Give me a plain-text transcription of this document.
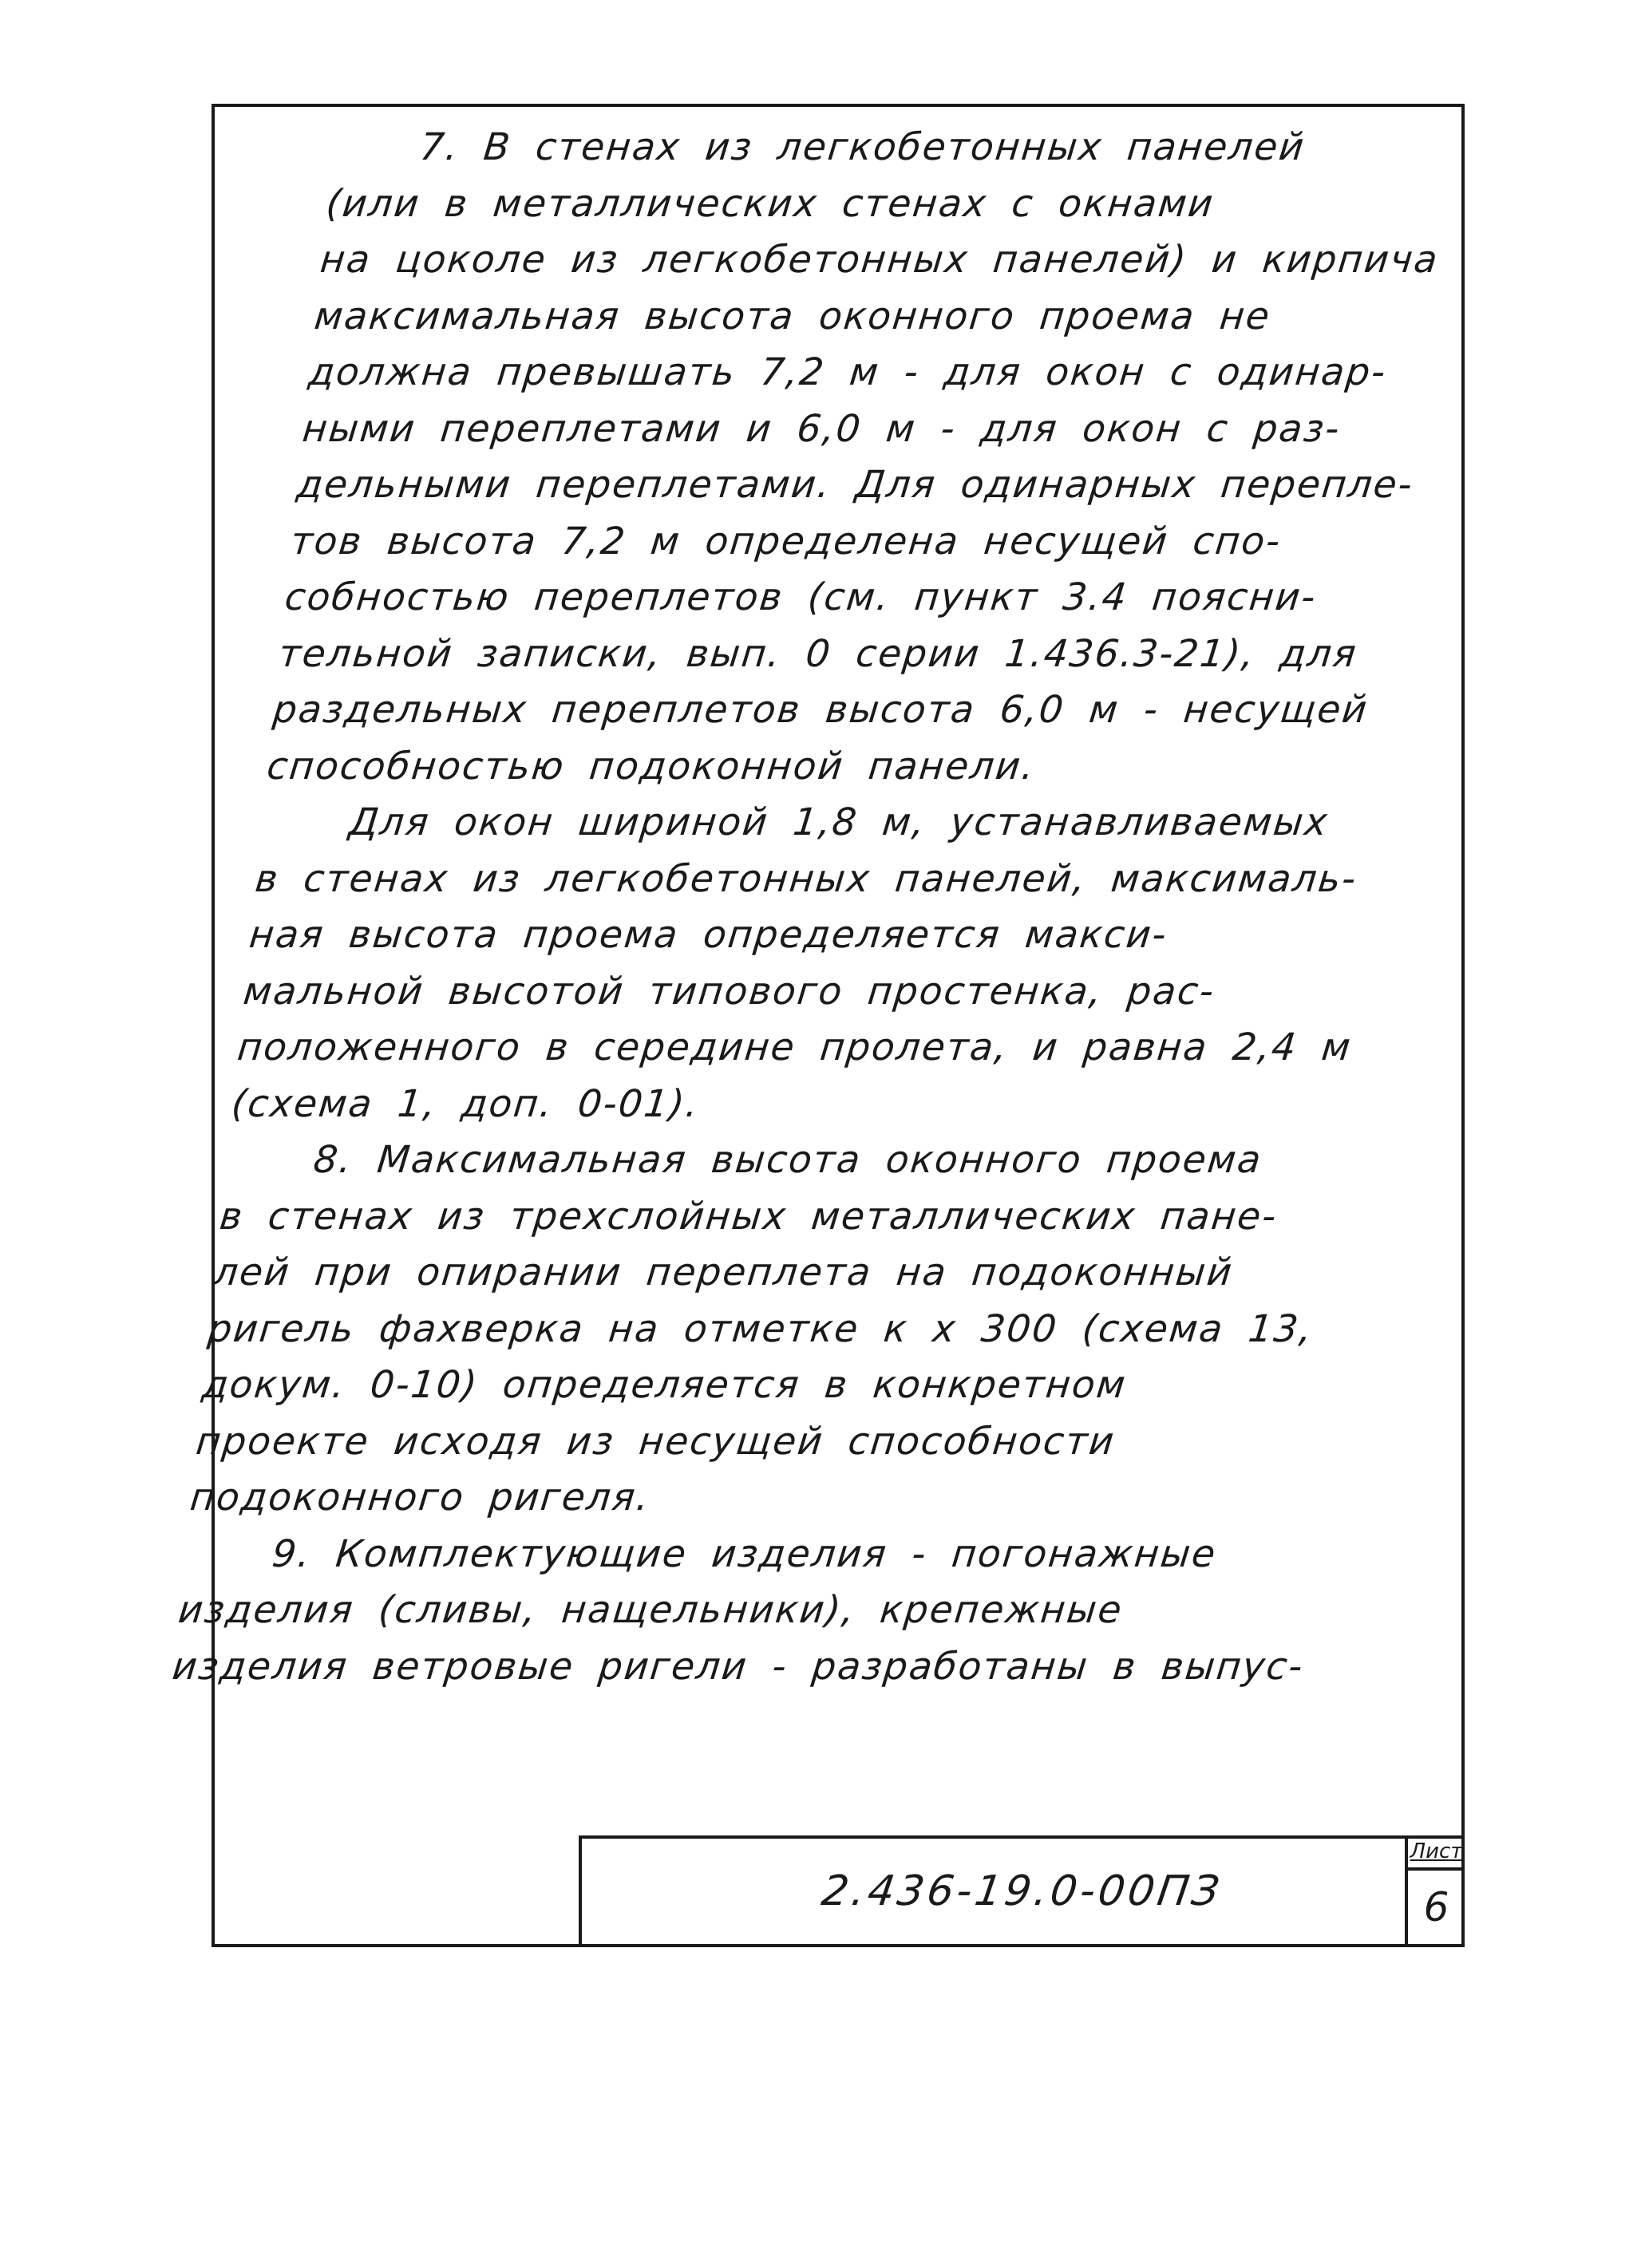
7. В стенах из легкобетонных панелей
(или в металлических стенах с окнами
на цоколе из легкобетонных панелей) и кирпича
максимальная высота оконного проема не
должна превышать 7,2 м - для окон с одинар-
ными переплетами и 6,0 м - для окон с раз-
дельными переплетами. Для одинарных перепле-
тов высота 7,2 м определена несущей спо-
собностью переплетов (см. пункт 3.4 поясни-
тельной записки, вып. 0 серии 1.436.3-21), для
раздельных переплетов высота 6,0 м - несущей
способностью подоконной панели.
Для окон шириной 1,8 м, устанавливаемых
в стенах из легкобетонных панелей, максималь-
ная высота проема определяется макси-
мальной высотой типового простенка, рас-
положенного в середине пролета, и равна 2,4 м
(схема 1, доп. 0-01).
8. Максимальная высота оконного проема
в стенах из трехслойных металлических пане-
лей при опирании переплета на подоконный
ригель фахверка на отметке к х 300 (схема 13,
докум. 0-10) определяется в конкретном
проекте исходя из несущей способности
подоконного ригеля.
9. Комплектующие изделия - погонажные
изделия (сливы, нащельники), крепежные
изделия ветровые ригели - разработаны в выпус-
2.436-19.0-00ПЗ
Лист
6
